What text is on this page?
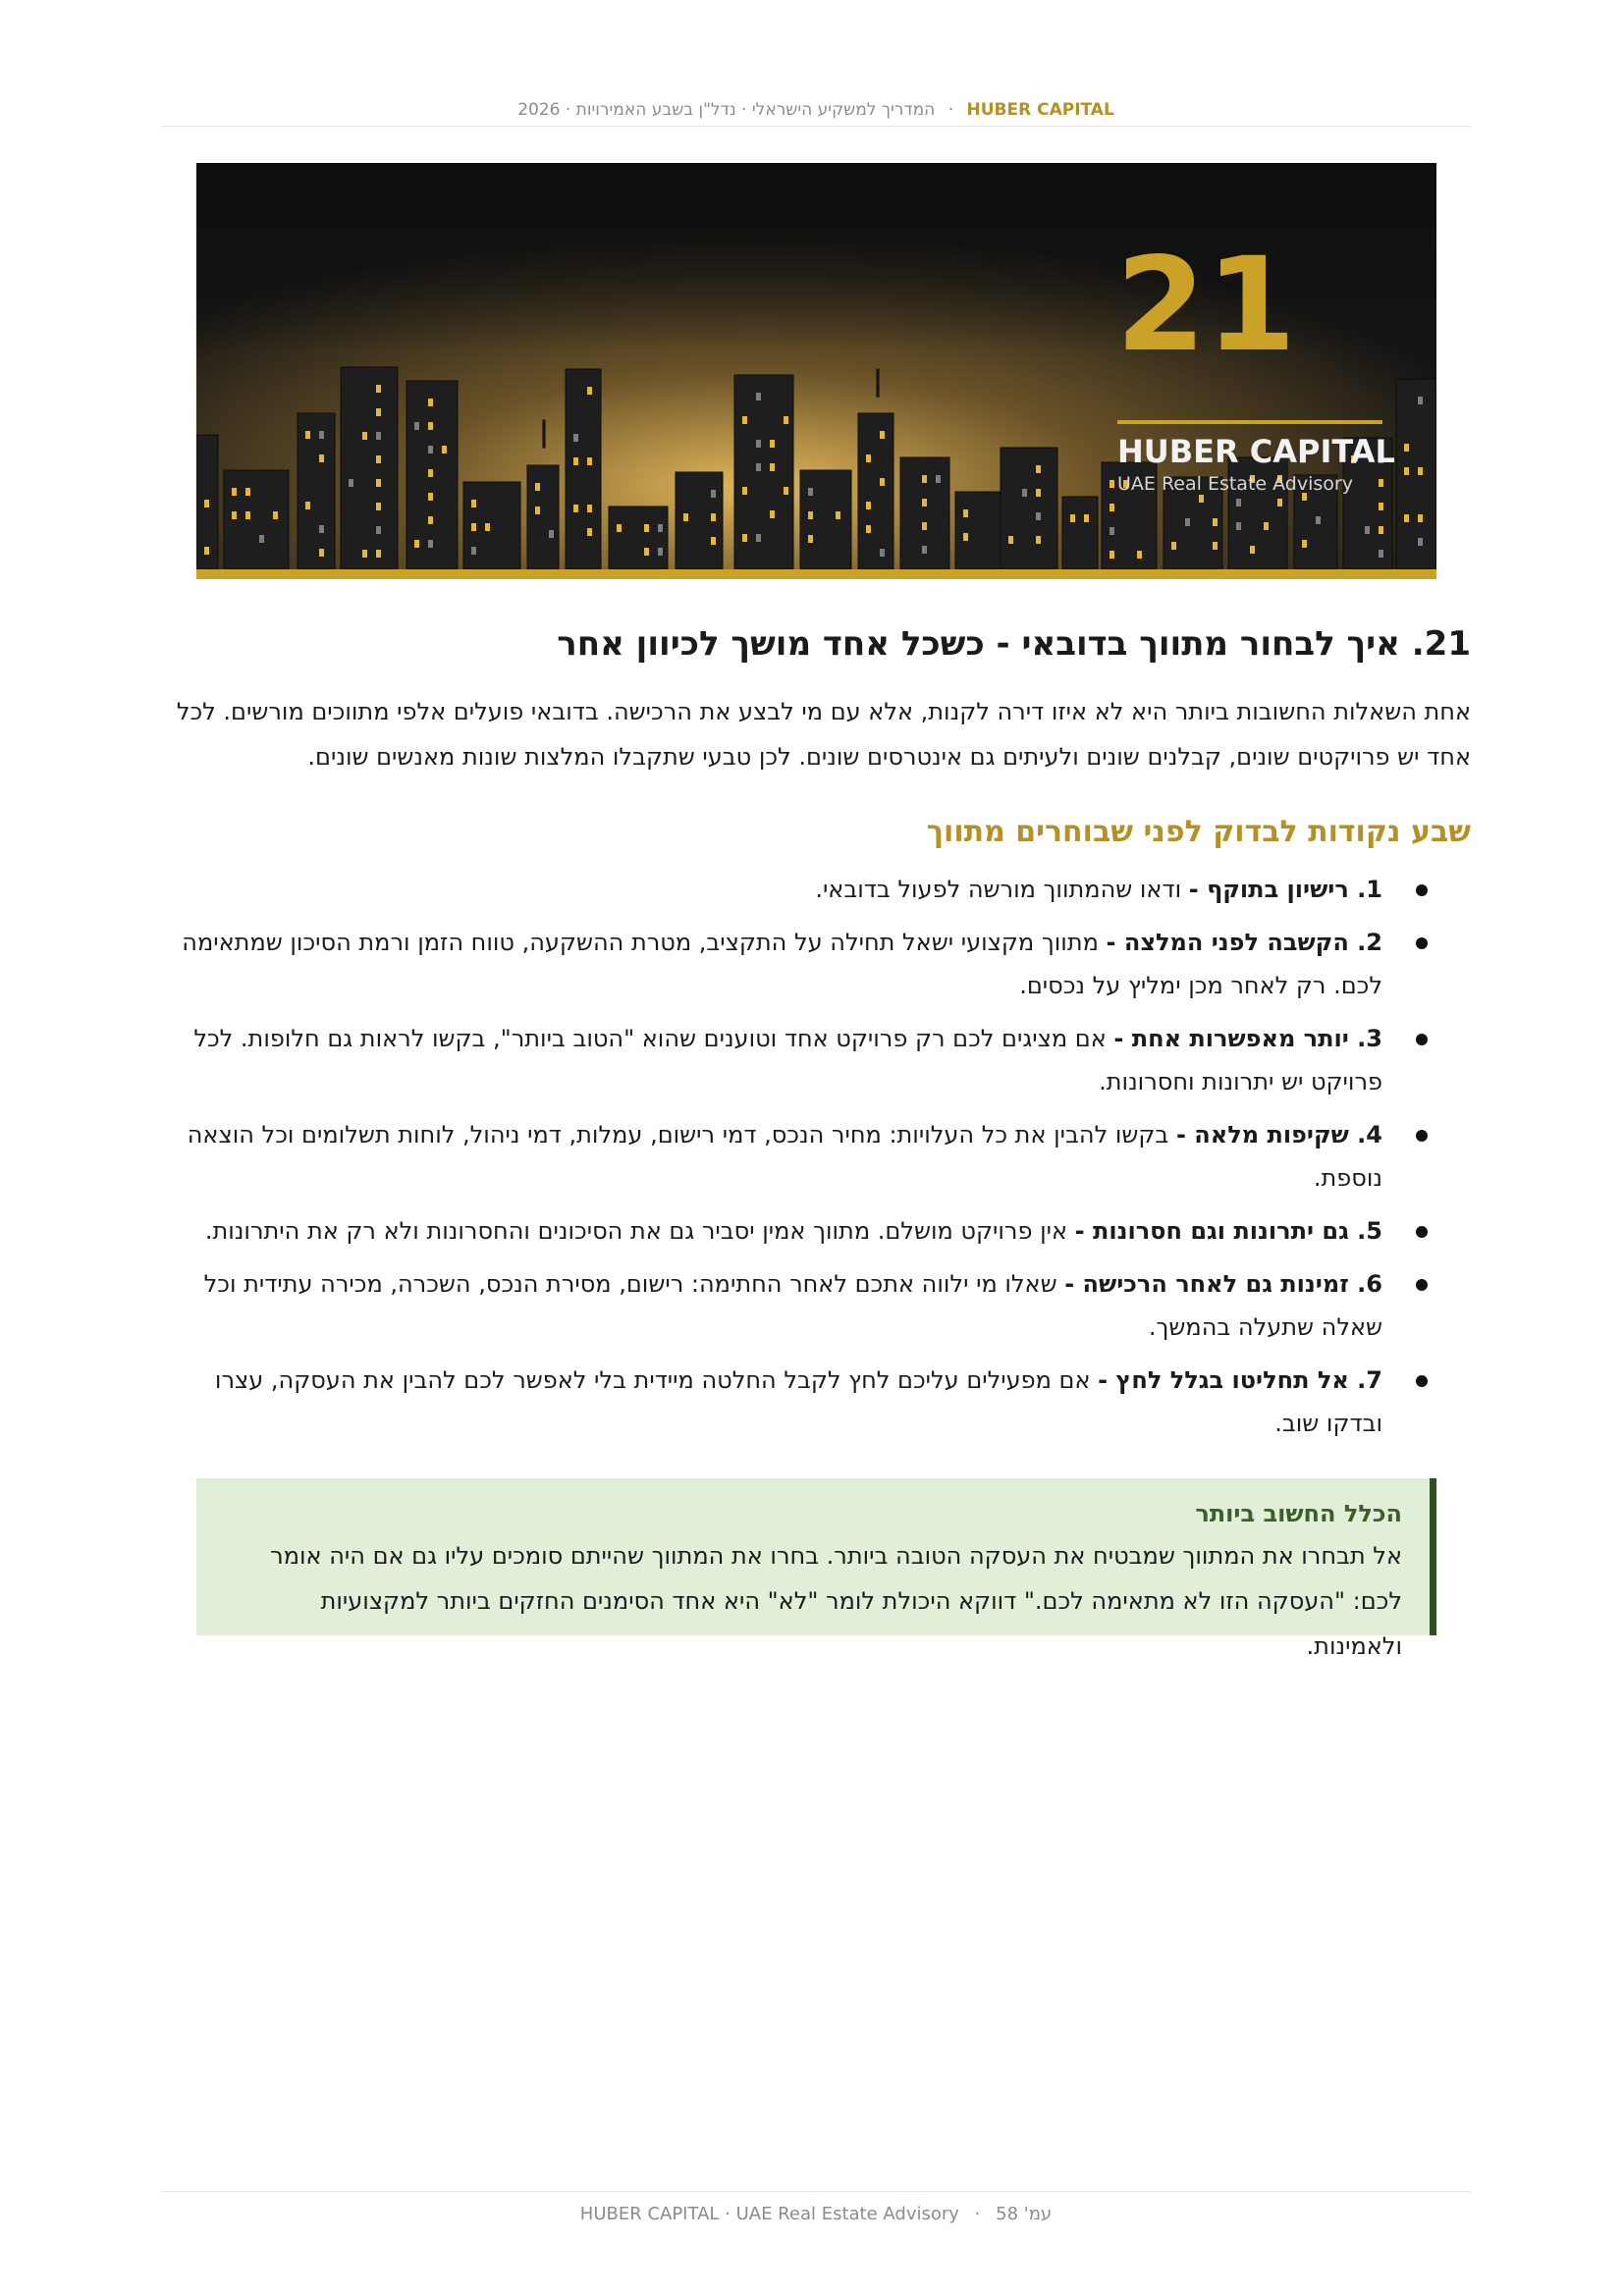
HUBER CAPITAL · המדריך למשקיע הישראלי · נדל"ן בשבע האמירויות · 2026
21
HUBER CAPITAL
UAE Real Estate Advisory
21. איך לבחור מתווך בדובאי - כשכל אחד מושך לכיוון אחר

אחת השאלות החשובות ביותר היא לא איזו דירה לקנות, אלא עם מי לבצע את הרכישה. בדובאי פועלים אלפי מתווכים מורשים. לכל אחד יש פרויקטים שונים, קבלנים שונים ולעיתים גם אינטרסים שונים. לכן טבעי שתקבלו המלצות שונות מאנשים שונים.

שבע נקודות לבדוק לפני שבוחרים מתווך
1. רישיון בתוקף - ודאו שהמתווך מורשה לפעול בדובאי.
2. הקשבה לפני המלצה - מתווך מקצועי ישאל תחילה על התקציב, מטרת ההשקעה, טווח הזמן ורמת הסיכון שמתאימה לכם. רק לאחר מכן ימליץ על נכסים.
3. יותר מאפשרות אחת - אם מציגים לכם רק פרויקט אחד וטוענים שהוא "הטוב ביותר", בקשו לראות גם חלופות. לכל פרויקט יש יתרונות וחסרונות.
4. שקיפות מלאה - בקשו להבין את כל העלויות: מחיר הנכס, דמי רישום, עמלות, דמי ניהול, לוחות תשלומים וכל הוצאה נוספת.
5. גם יתרונות וגם חסרונות - אין פרויקט מושלם. מתווך אמין יסביר גם את הסיכונים והחסרונות ולא רק את היתרונות.
6. זמינות גם לאחר הרכישה - שאלו מי ילווה אתכם לאחר החתימה: רישום, מסירת הנכס, השכרה, מכירה עתידית וכל שאלה שתעלה בהמשך.
7. אל תחליטו בגלל לחץ - אם מפעילים עליכם לחץ לקבל החלטה מיידית בלי לאפשר לכם להבין את העסקה, עצרו ובדקו שוב.

הכלל החשוב ביותר

אל תבחרו את המתווך שמבטיח את העסקה הטובה ביותר. בחרו את המתווך שהייתם סומכים עליו גם אם היה אומר לכם: "העסקה הזו לא מתאימה לכם." דווקא היכולת לומר "לא" היא אחד הסימנים החזקים ביותר למקצועיות ולאמינות.

עמ' 58 · HUBER CAPITAL · UAE Real Estate Advisory
